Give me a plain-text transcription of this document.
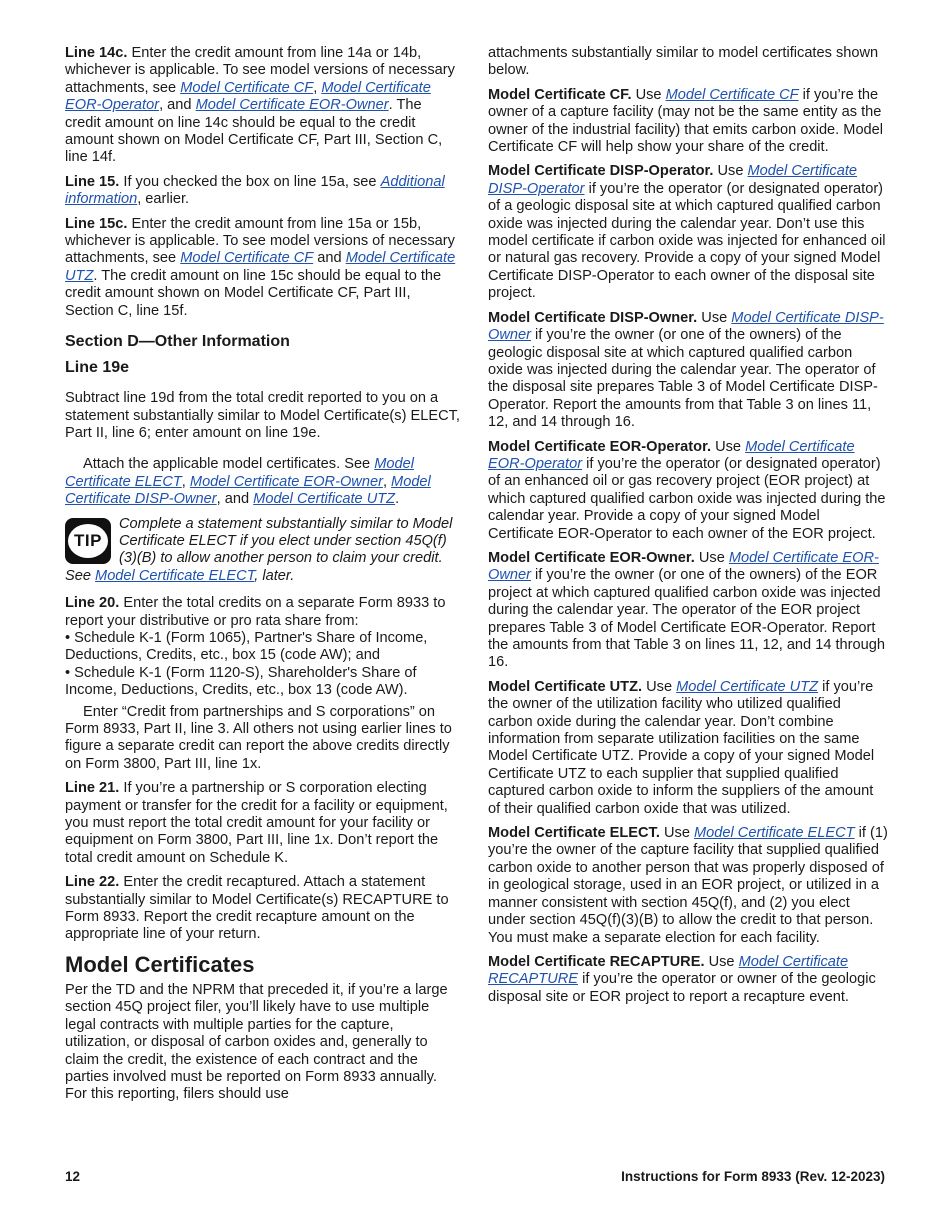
Line 14c. Enter the credit amount from line 14a or 14b, whichever is applicable. To see model versions of necessary attachments, see Model Certificate CF, Model Certificate EOR-Operator, and Model Certificate EOR-Owner. The credit amount on line 14c should be equal to the credit amount shown on Model Certificate CF, Part III, Section C, line 14f.

Line 15. If you checked the box on line 15a, see Additional information, earlier.

Line 15c. Enter the credit amount from line 15a or 15b, whichever is applicable. To see model versions of necessary attachments, see Model Certificate CF and Model Certificate UTZ. The credit amount on line 15c should be equal to the credit amount shown on Model Certificate CF, Part III, Section C, line 15f.

Section D—Other Information
Line 19e

Subtract line 19d from the total credit reported to you on a statement substantially similar to Model Certificate(s) ELECT, Part II, line 6; enter amount on line 19e.

Attach the applicable model certificates. See Model Certificate ELECT, Model Certificate EOR-Owner, Model Certificate DISP-Owner, and Model Certificate UTZ.

TIP
Complete a statement substantially similar to Model Certificate ELECT if you elect under section 45Q(f)(3)(B) to allow another person to claim your credit. See Model Certificate ELECT, later.

Line 20. Enter the total credits on a separate Form 8933 to report your distributive or pro rata share from:

• Schedule K-1 (Form 1065), Partner's Share of Income, Deductions, Credits, etc., box 15 (code AW); and

• Schedule K-1 (Form 1120-S), Shareholder's Share of Income, Deductions, Credits, etc., box 13 (code AW).

Enter “Credit from partnerships and S corporations” on Form 8933, Part II, line 3. All others not using earlier lines to figure a separate credit can report the above credits directly on Form 3800, Part III, line 1x.

Line 21. If you’re a partnership or S corporation electing payment or transfer for the credit for a facility or equipment, you must report the total credit amount for your facility or equipment on Form 3800, Part III, line 1x. Don’t report the total credit amount on Schedule K.

Line 22. Enter the credit recaptured. Attach a statement substantially similar to Model Certificate(s) RECAPTURE to Form 8933. Report the credit recapture amount on the appropriate line of your return.

Model Certificates

Per the TD and the NPRM that preceded it, if you’re a large section 45Q project filer, you’ll likely have to use multiple legal contracts with multiple parties for the capture, utilization, or disposal of carbon oxides and, generally to claim the credit, the existence of each contract and the parties involved must be reported on Form 8933 annually. For this reporting, filers should use

attachments substantially similar to model certificates shown below.

Model Certificate CF. Use Model Certificate CF if you’re the owner of a capture facility (may not be the same entity as the owner of the industrial facility) that emits carbon oxide. Model Certificate CF will help show your share of the credit.

Model Certificate DISP-Operator. Use Model Certificate DISP-Operator if you’re the operator (or designated operator) of a geologic disposal site at which captured qualified carbon oxide was injected during the calendar year. Don’t use this model certificate if carbon oxide was injected for enhanced oil or natural gas recovery. Provide a copy of your signed Model Certificate DISP-Operator to each owner of the disposal site project.

Model Certificate DISP-Owner. Use Model Certificate DISP-Owner if you’re the owner (or one of the owners) of the geologic disposal site at which captured qualified carbon oxide was injected during the calendar year. The operator of the disposal site prepares Table 3 of Model Certificate DISP-Operator. Report the amounts from that Table 3 on lines 11, 12, and 14 through 16.

Model Certificate EOR-Operator. Use Model Certificate EOR-Operator if you’re the operator (or designated operator) of an enhanced oil or gas recovery project (EOR project) at which captured qualified carbon oxide was injected during the calendar year. Provide a copy of your signed Model Certificate EOR-Operator to each owner of the EOR project.

Model Certificate EOR-Owner. Use Model Certificate EOR-Owner if you’re the owner (or one of the owners) of the EOR project at which captured qualified carbon oxide was injected during the calendar year. The operator of the EOR project prepares Table 3 of Model Certificate EOR-Operator. Report the amounts from that Table 3 on lines 11, 12, and 14 through 16.

Model Certificate UTZ. Use Model Certificate UTZ if you’re the owner of the utilization facility who utilized qualified carbon oxide during the calendar year. Don’t combine information from separate utilization facilities on the same Model Certificate UTZ. Provide a copy of your signed Model Certificate UTZ to each supplier that supplied qualified captured carbon oxide to inform the suppliers of the amount of their qualified carbon oxide that was utilized.

Model Certificate ELECT. Use Model Certificate ELECT if (1) you’re the owner of the capture facility that supplied qualified carbon oxide to another person that was properly disposed of in geological storage, used in an EOR project, or utilized in a manner consistent with section 45Q(f), and (2) you elect under section 45Q(f)(3)(B) to allow the credit to that person. You must make a separate election for each facility.

Model Certificate RECAPTURE. Use Model Certificate RECAPTURE if you’re the operator or owner of the geologic disposal site or EOR project to report a recapture event.

12	Instructions for Form 8933 (Rev. 12-2023)
